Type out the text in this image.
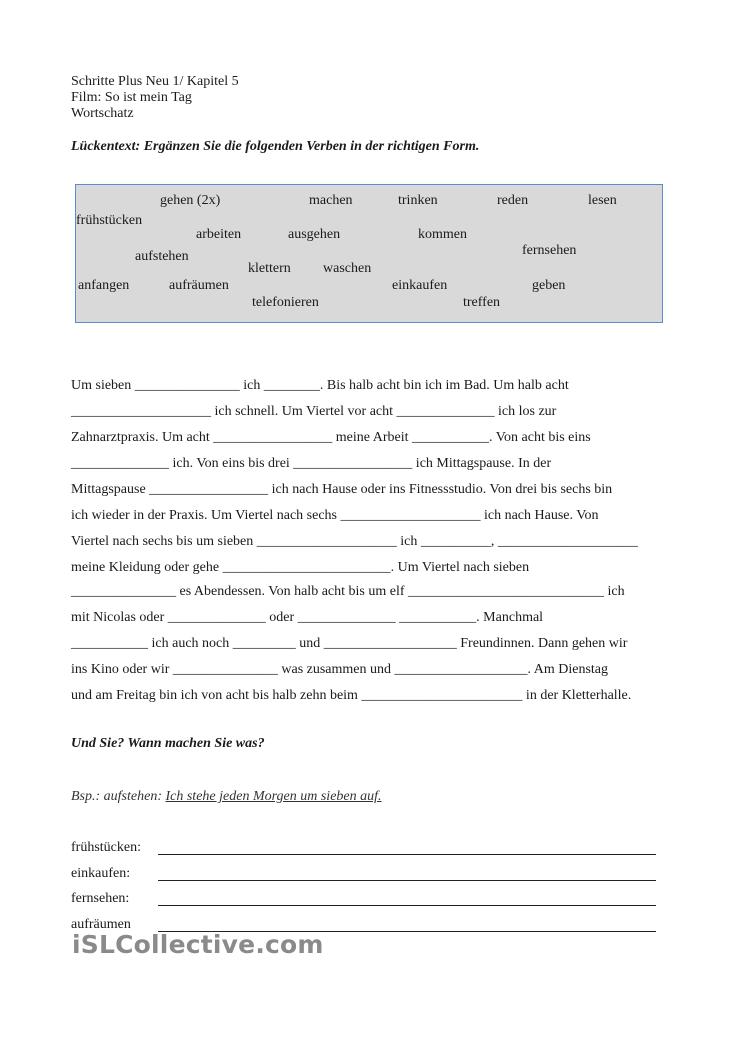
Schritte Plus Neu 1/ Kapitel 5
Film: So ist mein Tag
Wortschatz
Lückentext: Ergänzen Sie die folgenden Verben in der richtigen Form.
gehen (2x)	machen	trinken	reden	lesen
frühstücken
arbeiten	ausgehen	kommen
aufstehen	fernsehen
klettern waschen
anfangen	aufräumen	einkaufen	geben
telefonieren	treffen
Um sieben _______________ ich ________. Bis halb acht bin ich im Bad. Um halb acht
____________________ ich schnell. Um Viertel vor acht ______________ ich los zur
Zahnarztpraxis. Um acht _________________ meine Arbeit ___________. Von acht bis eins
______________ ich. Von eins bis drei _________________ ich Mittagspause. In der
Mittagspause _________________ ich nach Hause oder ins Fitnessstudio. Von drei bis sechs bin
ich wieder in der Praxis. Um Viertel nach sechs ____________________ ich nach Hause. Von
Viertel nach sechs bis um sieben ____________________ ich __________, ____________________
meine Kleidung oder gehe ________________________. Um Viertel nach sieben
_______________ es Abendessen. Von halb acht bis um elf ____________________________ ich
mit Nicolas oder ______________ oder ______________ ___________. Manchmal
___________ ich auch noch _________ und ___________________ Freundinnen. Dann gehen wir
ins Kino oder wir _______________ was zusammen und ___________________. Am Dienstag
und am Freitag bin ich von acht bis halb zehn beim _______________________ in der Kletterhalle.
Und Sie? Wann machen Sie was?
Bsp.: aufstehen: Ich stehe jeden Morgen um sieben auf.
frühstücken:
einkaufen:
fernsehen:
aufräumen
iSLCollective.com
